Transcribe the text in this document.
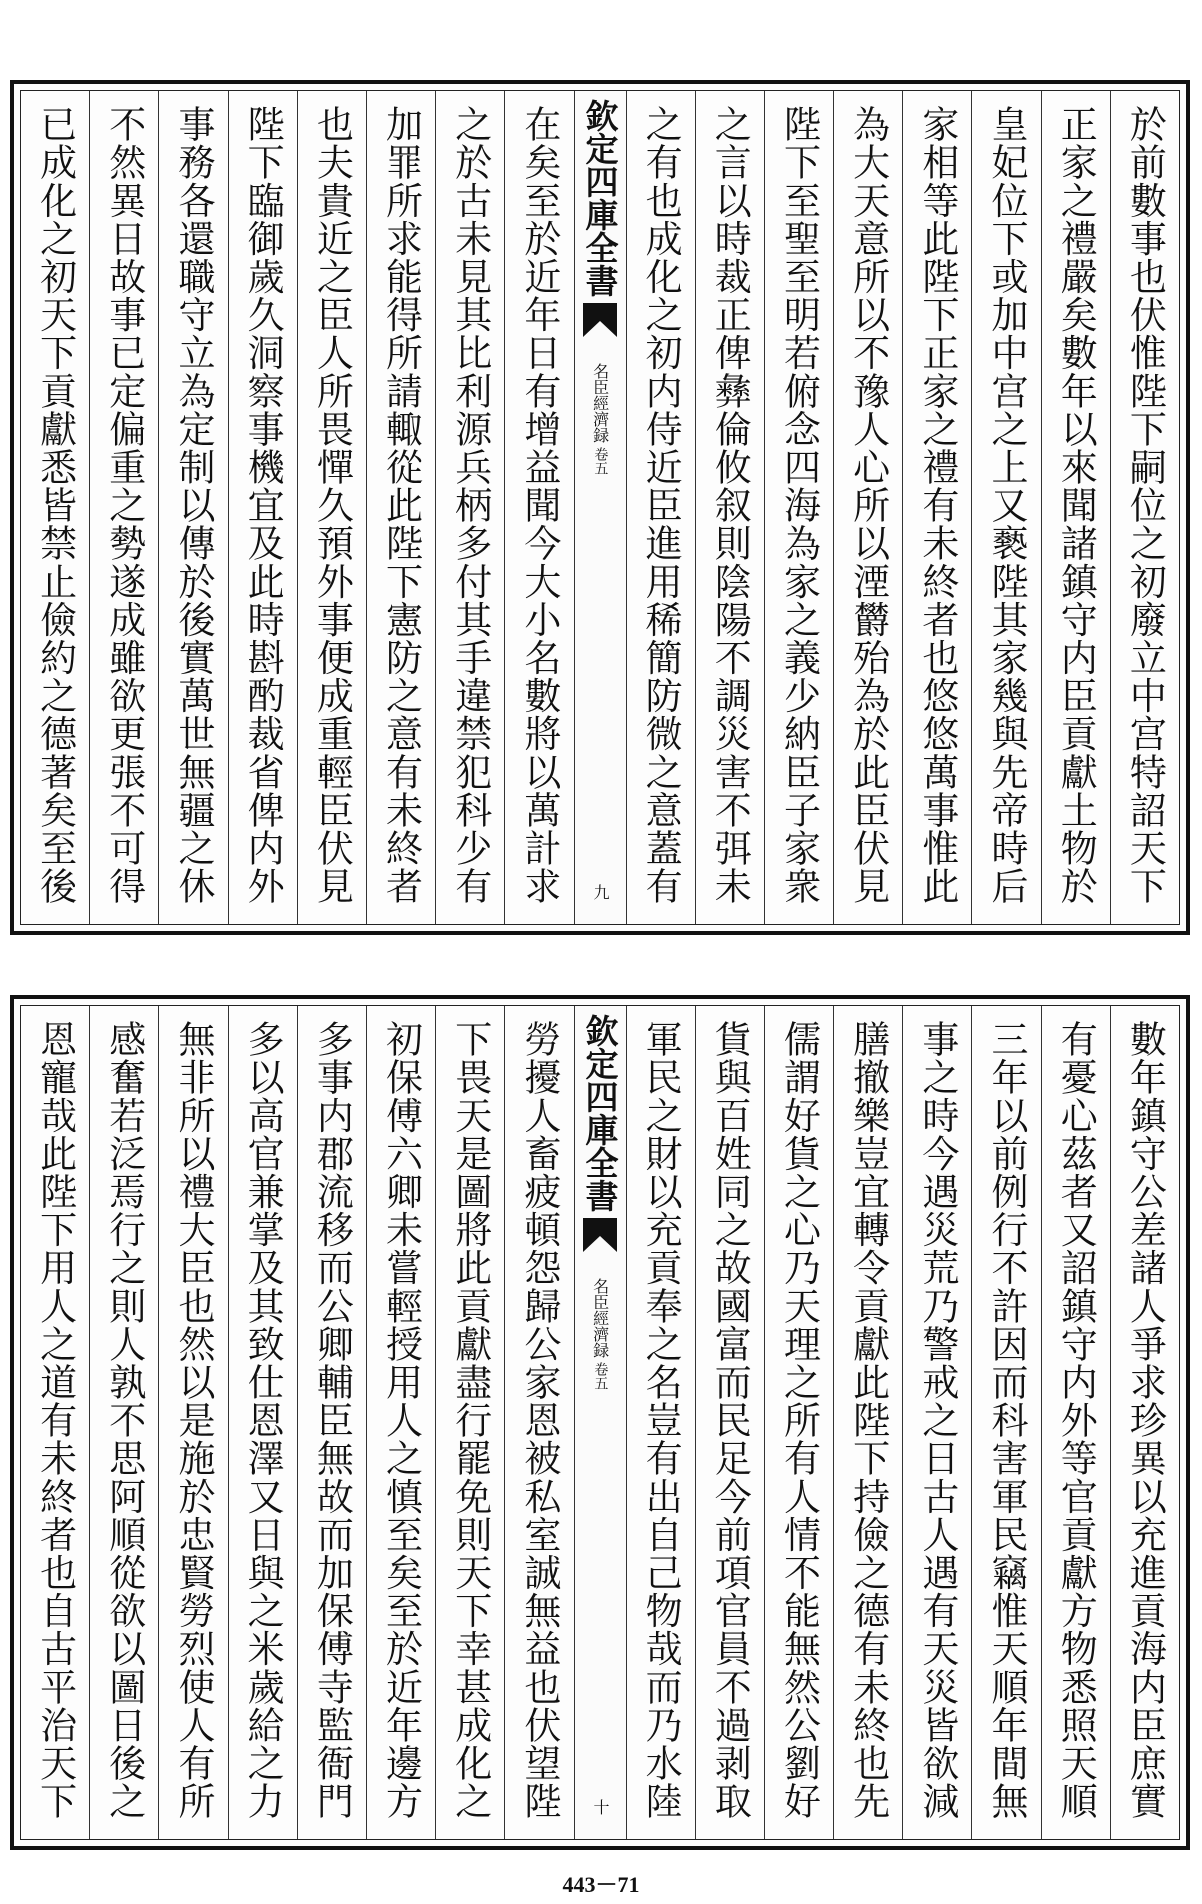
於前數事也伏惟陛下嗣位之初廢立中宫特詔天下
正家之禮嚴矣數年以來聞諸鎮守内臣貢獻土物於
皇妃位下或加中宫之上又褻陛其家幾與先帝時后
家相等此陛下正家之禮有未終者也悠悠萬事惟此
為大天意所以不豫人心所以湮欝殆為於此臣伏見
陛下至聖至明若俯念四海為家之義少納臣子家衆
之言以時裁正俾彝倫攸叙則陰陽不調災害不弭未
之有也成化之初内侍近臣進用稀簡防微之意蓋有
欽定四庫全書
名臣經濟録
卷五
九
在矣至於近年日有增益聞今大小名數將以萬計求
之於古未見其比利源兵柄多付其手違禁犯科少有
加罪所求能得所請輙從此陛下憲防之意有未終者
也夫貴近之臣人所畏憚久預外事便成重輕臣伏見
陛下臨御歲久洞察事機宜及此時斟酌裁省俾内外
事務各還職守立為定制以傳於後實萬世無疆之休
不然異日故事已定偏重之勢遂成雖欲更張不可得
已成化之初天下貢獻悉皆禁止儉約之德著矣至後
數年鎮守公差諸人爭求珍異以充進貢海内臣庶實
有憂心茲者又詔鎮守内外等官貢獻方物悉照天順
三年以前例行不許因而科害軍民竊惟天順年間無
事之時今遇災荒乃警戒之日古人遇有天災皆欲減
膳撤樂豈宜轉令貢獻此陛下持儉之德有未終也先
儒謂好貨之心乃天理之所有人情不能無然公劉好
貨與百姓同之故國富而民足今前項官員不過剥取
軍民之財以充貢奉之名豈有出自己物哉而乃水陸
欽定四庫全書
名臣經濟録
卷五
十
勞擾人畜疲頓怨歸公家恩被私室誠無益也伏望陛
下畏天是圖將此貢獻盡行罷免則天下幸甚成化之
初保傅六卿未嘗輕授用人之慎至矣至於近年邊方
多事内郡流移而公卿輔臣無故而加保傅寺監衙門
多以高官兼掌及其致仕恩澤又日與之米歲給之力
無非所以禮大臣也然以是施於忠賢勞烈使人有所
感奮若泛焉行之則人孰不思阿順從欲以圖日後之
恩寵哉此陛下用人之道有未終者也自古平治天下
443－71
